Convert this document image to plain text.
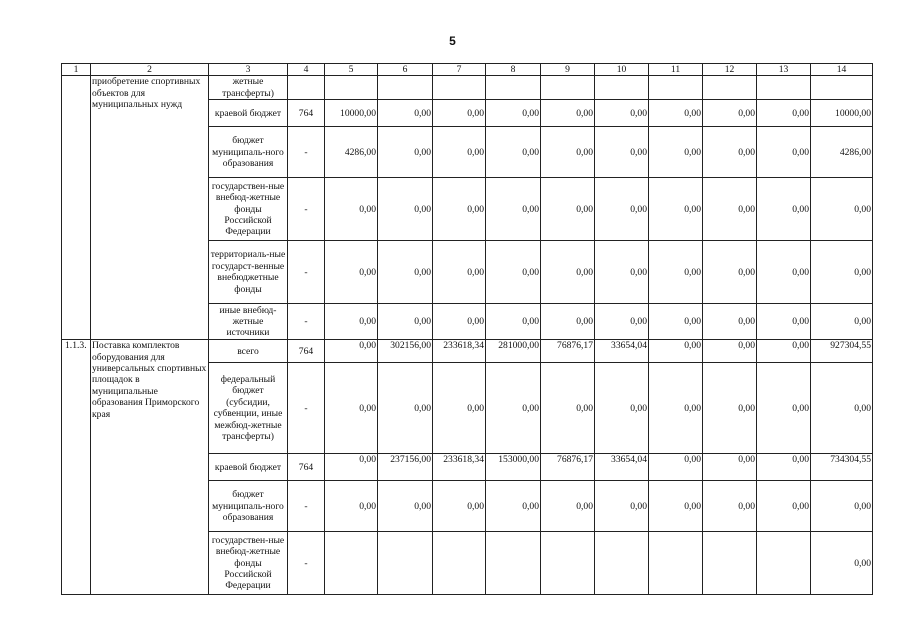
5
1	2	3	4	5	6	7	8	9	10	11	12	13	14
	приобретение спортивных объектов для муниципальных нужд	жетные трансферты)											
		краевой бюджет	764	10000,00	0,00	0,00	0,00	0,00	0,00	0,00	0,00	0,00	10000,00
		бюджет муниципаль-ного образования	-	4286,00	0,00	0,00	0,00	0,00	0,00	0,00	0,00	0,00	4286,00
		государствен-ные внебюд-жетные фонды Российской Федерации	-	0,00	0,00	0,00	0,00	0,00	0,00	0,00	0,00	0,00	0,00
		территориаль-ные государст-венные внебюджетные фонды	-	0,00	0,00	0,00	0,00	0,00	0,00	0,00	0,00	0,00	0,00
		иные внебюд-жетные источники	-	0,00	0,00	0,00	0,00	0,00	0,00	0,00	0,00	0,00	0,00
1.1.3.	Поставка комплектов оборудования для универсальных спортивных площадок в муниципальные образования Приморского края	всего	764	0,00	302156,00	233618,34	281000,00	76876,17	33654,04	0,00	0,00	0,00	927304,55
		федеральный бюджет (субсидии, субвенции, иные межбюд-жетные трансферты)	-	0,00	0,00	0,00	0,00	0,00	0,00	0,00	0,00	0,00	0,00
		краевой бюджет	764	0,00	237156,00	233618,34	153000,00	76876,17	33654,04	0,00	0,00	0,00	734304,55
		бюджет муниципаль-ного образования	-	0,00	0,00	0,00	0,00	0,00	0,00	0,00	0,00	0,00	0,00
		государствен-ные внебюд-жетные фонды Российской Федерации	-										0,00
